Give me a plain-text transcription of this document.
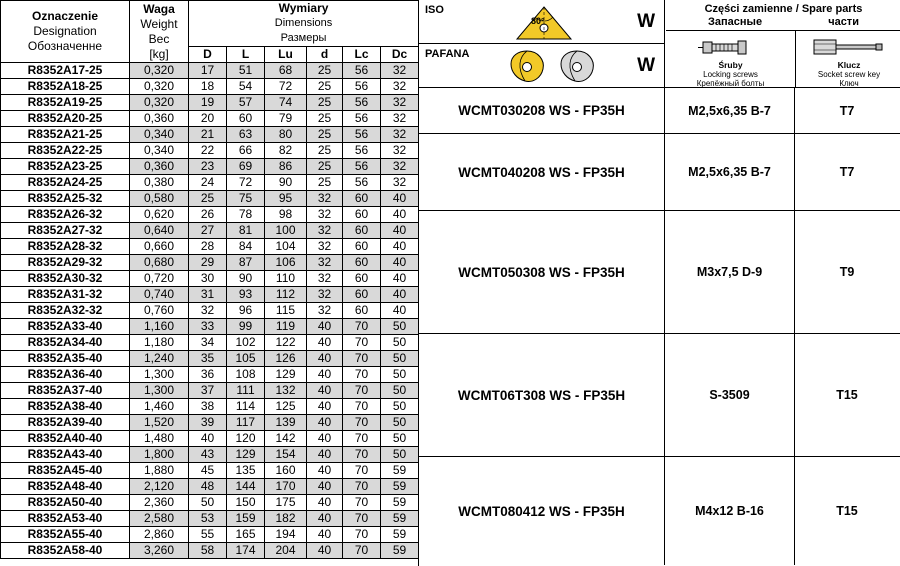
Oznaczenie
Designation
Обозначенне

Waga
Weight
Вес
[kg]

Wymiary
Dimensions
Размеры

		D	L	Lu	d	Lc	Dc
R8352A17-25	0,320	17	51	68	25	56	32
R8352A18-25	0,320	18	54	72	25	56	32
R8352A19-25	0,320	19	57	74	25	56	32
R8352A20-25	0,360	20	60	79	25	56	32
R8352A21-25	0,340	21	63	80	25	56	32
R8352A22-25	0,340	22	66	82	25	56	32
R8352A23-25	0,360	23	69	86	25	56	32
R8352A24-25	0,380	24	72	90	25	56	32
R8352A25-32	0,580	25	75	95	32	60	40
R8352A26-32	0,620	26	78	98	32	60	40
R8352A27-32	0,640	27	81	100	32	60	40
R8352A28-32	0,660	28	84	104	32	60	40
R8352A29-32	0,680	29	87	106	32	60	40
R8352A30-32	0,720	30	90	110	32	60	40
R8352A31-32	0,740	31	93	112	32	60	40
R8352A32-32	0,760	32	96	115	32	60	40
R8352A33-40	1,160	33	99	119	40	70	50
R8352A34-40	1,180	34	102	122	40	70	50
R8352A35-40	1,240	35	105	126	40	70	50
R8352A36-40	1,300	36	108	129	40	70	50
R8352A37-40	1,300	37	111	132	40	70	50
R8352A38-40	1,460	38	114	125	40	70	50
R8352A39-40	1,520	39	117	139	40	70	50
R8352A40-40	1,480	40	120	142	40	70	50
R8352A43-40	1,800	43	129	154	40	70	50
R8352A45-40	1,880	45	135	160	40	70	59
R8352A48-40	2,120	48	144	170	40	70	59
R8352A50-40	2,360	50	150	175	40	70	59
R8352A53-40	2,580	53	159	182	40	70	59
R8352A55-40	2,860	55	165	194	40	70	59
R8352A58-40	3,260	58	174	204	40	70	59
ISO
80°	W
PAFANA
W
Części zamienne / Spare parts
Запасные	части
Śruby
Locking screws
Крепёжный болты
Klucz
Socket screw key
Ключ
WCMT030208 WS - FP35H	M2,5x6,35 B-7	T7
WCMT040208 WS - FP35H	M2,5x6,35 B-7	T7
WCMT050308 WS - FP35H	M3x7,5 D-9	T9
WCMT06T308 WS - FP35H	S-3509	T15
WCMT080412 WS - FP35H	M4x12 B-16	T15
